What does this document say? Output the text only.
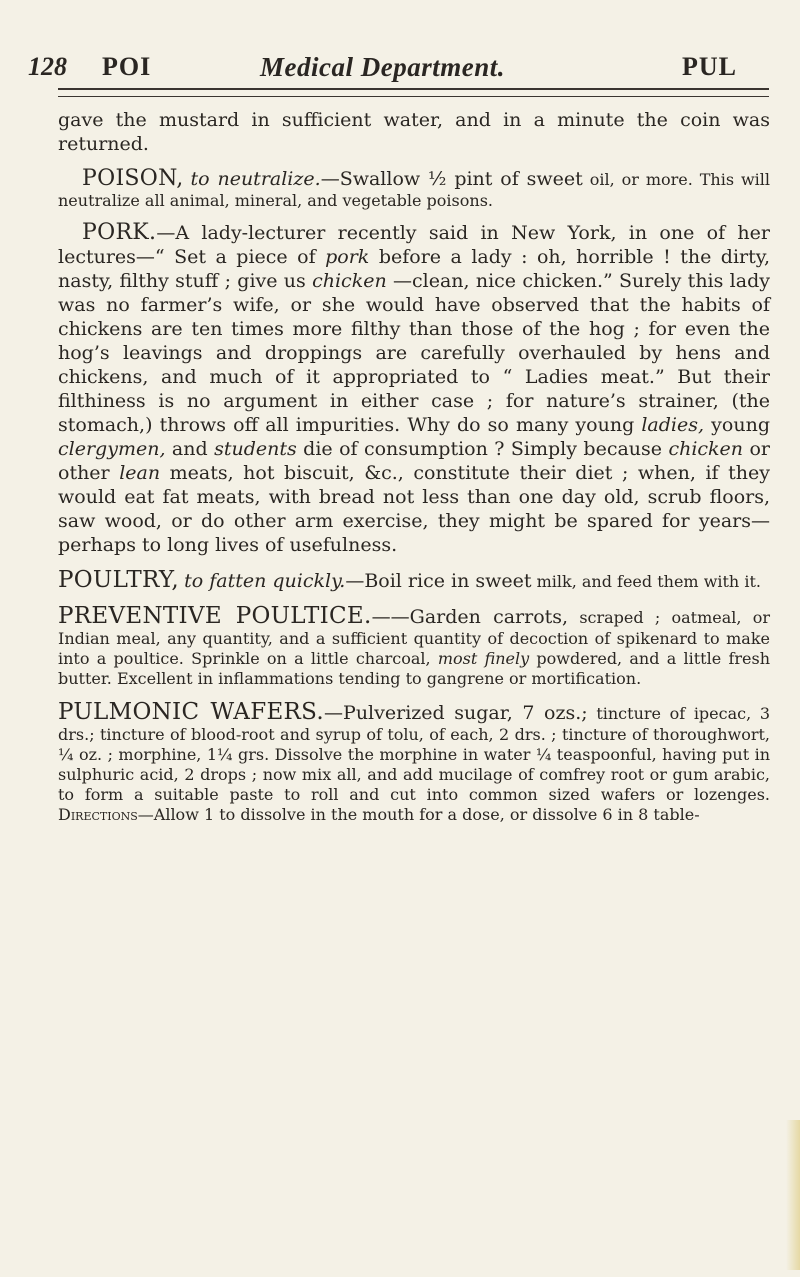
128 POI	Medical Department.	PUL

gave the mustard in sufficient water, and in a minute the coin was returned.

POISON, to neutralize.—Swallow ½ pint of sweet oil, or more. This will neutralize all animal, mineral, and vegetable poisons.

PORK.—A lady-lecturer recently said in New York, in one of her lectures—“ Set a piece of pork before a lady : oh, horrible ! the dirty, nasty, filthy stuff ; give us chicken —clean, nice chicken.” Surely this lady was no farmer’s wife, or she would have observed that the habits of chickens are ten times more filthy than those of the hog ; for even the hog’s leavings and droppings are carefully overhauled by hens and chickens, and much of it appropriated to “ Ladies meat.” But their filthiness is no argument in either case ; for nature’s strainer, (the stomach,) throws off all impurities. Why do so many young ladies, young clergymen, and students die of consumption ? Simply because chicken or other lean meats, hot biscuit, &c., constitute their diet ; when, if they would eat fat meats, with bread not less than one day old, scrub floors, saw wood, or do other arm exercise, they might be spared for years— perhaps to long lives of usefulness.

POULTRY, to fatten quickly.—Boil rice in sweet milk, and feed them with it.

PREVENTIVE POULTICE.——Garden carrots, scraped ; oatmeal, or Indian meal, any quantity, and a sufficient quantity of decoction of spikenard to make into a poultice. Sprinkle on a little charcoal, most finely powdered, and a little fresh butter. Excellent in inflammations tending to gangrene or mortification.

PULMONIC WAFERS.—Pulverized sugar, 7 ozs.; tincture of ipecac, 3 drs.; tincture of blood-root and syrup of tolu, of each, 2 drs. ; tincture of thoroughwort, ¼ oz. ; morphine, 1¼ grs. Dissolve the morphine in water ¼ teaspoonful, having put in sulphuric acid, 2 drops ; now mix all, and add mucilage of comfrey root or gum arabic, to form a suitable paste to roll and cut into common sized wafers or lozenges. Directions—Allow 1 to dissolve in the mouth for a dose, or dissolve 6 in 8 table-
